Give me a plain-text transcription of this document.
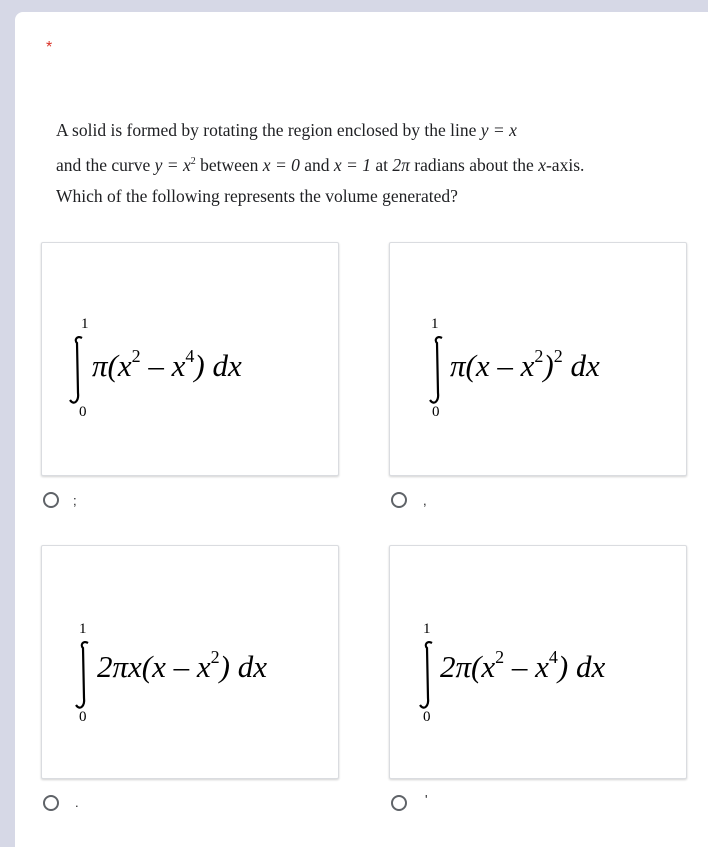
*
A solid is formed by rotating the region enclosed by the line y = x
and the curve $y = x^2$ between x = 0 and x = 1 at 2π radians about the x-axis.
Which of the following represents the volume generated?
1
0
$\pi(x^2 - x^4)$ dx
1
0
$\pi(x - x^2)^2$ dx
;	,
1
0
$2\pi x(x - x^2)$ dx
1
0
$2\pi(x^2 - x^4)$ dx
.	'
